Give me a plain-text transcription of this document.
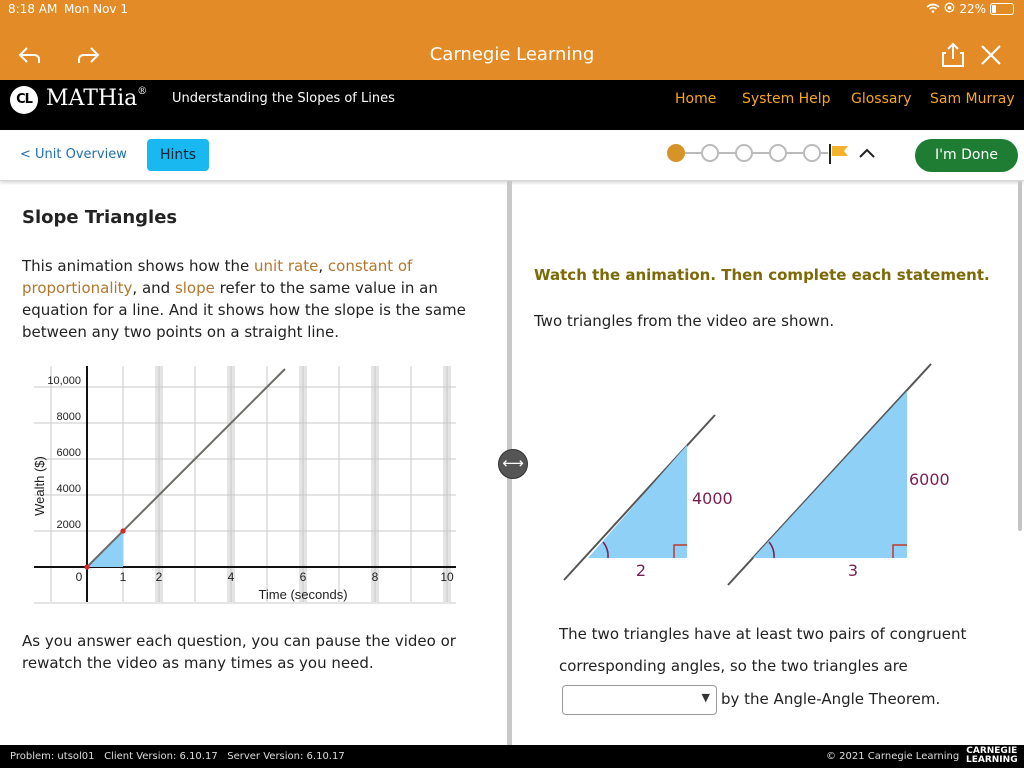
8:18 AM Mon Nov 1	22%
Carnegie Learning
CL MATHia® Understanding the Slopes of Lines	Home System Help Glossary Sam Murray
< Unit Overview	Hints	I'm Done
Slope Triangles
This animation shows how the unit rate, constant of proportionality, and slope refer to the same value in an equation for a line. And it shows how the slope is the same between any two points on a straight line.
0	1 2	4	6	8	10
2000
4000
6000
8000
10,000
Time (seconds)
Wealth ($)
As you answer each question, you can pause the video or rewatch the video as many times as you need.
⟷
Watch the animation. Then complete each statement.
Two triangles from the video are shown.
2
4000
3
6000
The two triangles have at least two pairs of congruent
corresponding angles, so the two triangles are
▼ by the Angle-Angle Theorem.
Problem: utsol01 Client Version: 6.10.17 Server Version: 6.10.17	© 2021 Carnegie Learning CARNEGIE
LEARNING
